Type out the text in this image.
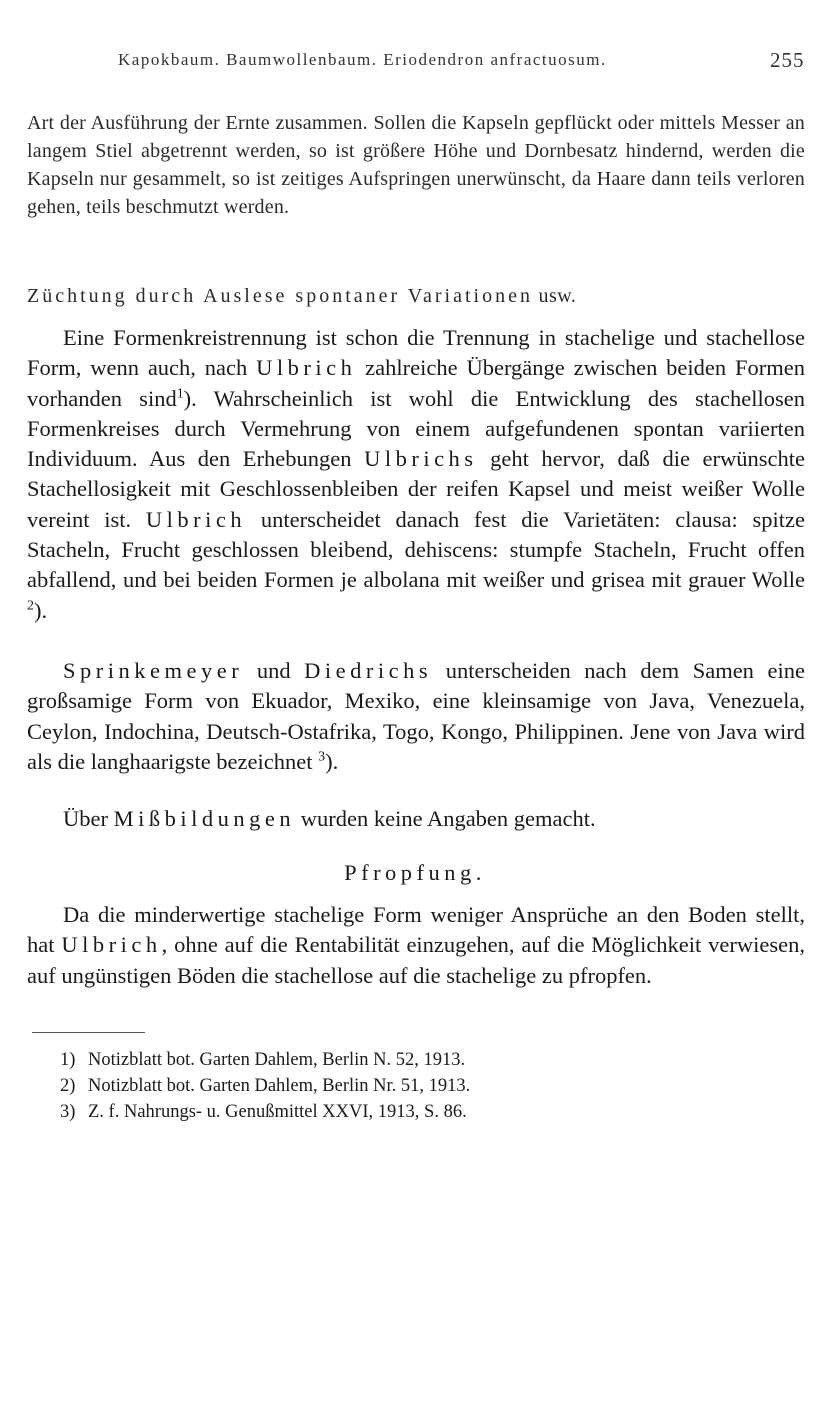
Kapokbaum. Baumwollenbaum. Eriodendron anfractuosum.	255

Art der Ausführung der Ernte zusammen. Sollen die Kapseln gepflückt oder mittels Messer an langem Stiel abgetrennt werden, so ist größere Höhe und Dornbesatz hindernd, werden die Kapseln nur gesammelt, so ist zeitiges Aufspringen unerwünscht, da Haare dann teils verloren gehen, teils beschmutzt werden.

Züchtung durch Auslese spontaner Variationen usw.

Eine Formenkreistrennung ist schon die Trennung in stachelige und stachellose Form, wenn auch, nach Ulbrich zahlreiche Übergänge zwischen beiden Formen vorhanden sind$^1$). Wahrscheinlich ist wohl die Entwicklung des stachellosen Formenkreises durch Vermehrung von einem aufgefundenen spontan variierten Individuum. Aus den Erhebungen Ulbrichs geht hervor, daß die erwünschte Stachellosigkeit mit Geschlossenbleiben der reifen Kapsel und meist weißer Wolle vereint ist. Ulbrich unterscheidet danach fest die Varietäten: clausa: spitze Stacheln, Frucht geschlossen bleibend, dehiscens: stumpfe Stacheln, Frucht offen abfallend, und bei beiden Formen je albolana mit weißer und grisea mit grauer Wolle $^2$).

Sprinkemeyer und Diedrichs unterscheiden nach dem Samen eine großsamige Form von Ekuador, Mexiko, eine kleinsamige von Java, Venezuela, Ceylon, Indochina, Deutsch-Ostafrika, Togo, Kongo, Philippinen. Jene von Java wird als die langhaarigste bezeichnet $^3$).

Über Mißbildungen wurden keine Angaben gemacht.

Pfropfung.

Da die minderwertige stachelige Form weniger Ansprüche an den Boden stellt, hat Ulbrich, ohne auf die Rentabilität einzugehen, auf die Möglichkeit verwiesen, auf ungünstigen Böden die stachellose auf die stachelige zu pfropfen.

1) Notizblatt bot. Garten Dahlem, Berlin N. 52, 1913.
2) Notizblatt bot. Garten Dahlem, Berlin Nr. 51, 1913.
3) Z. f. Nahrungs- u. Genußmittel XXVI, 1913, S. 86.
